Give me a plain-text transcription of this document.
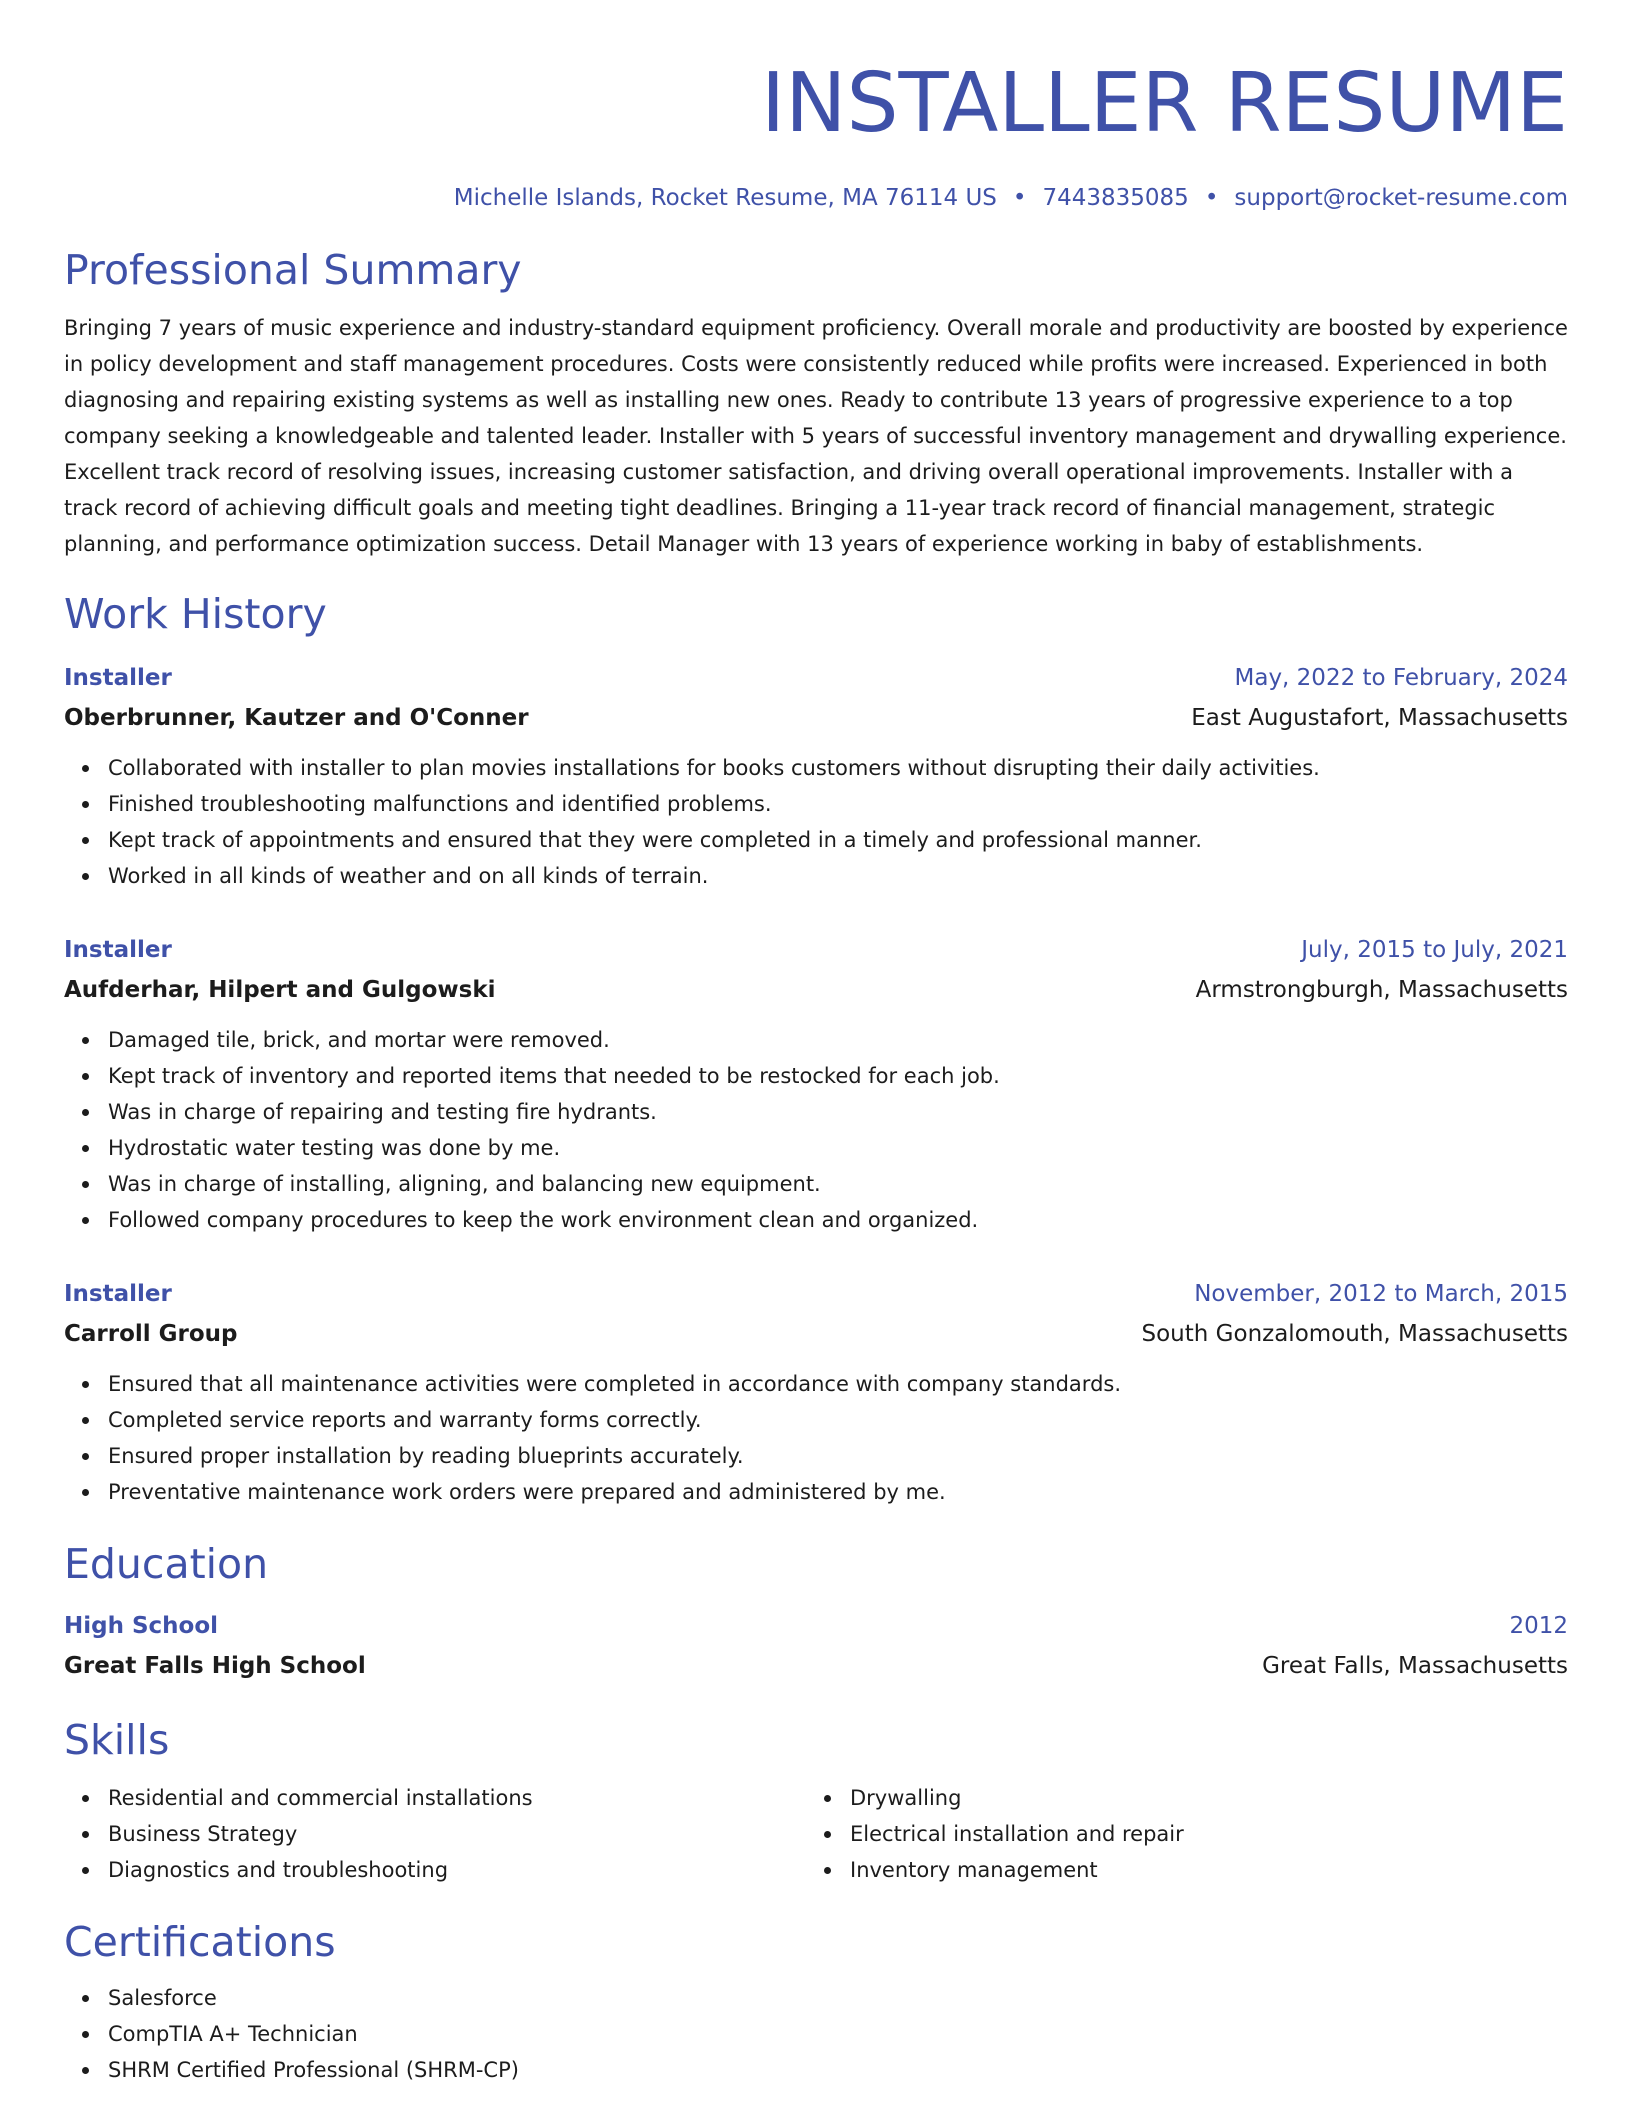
INSTALLER RESUME
Michelle Islands, Rocket Resume, MA 76114 US • 7443835085 • support@rocket-resume.com
Professional Summary
Bringing 7 years of music experience and industry-standard equipment proficiency. Overall morale and productivity are boosted by experience in policy development and staff management procedures. Costs were consistently reduced while profits were increased. Experienced in both diagnosing and repairing existing systems as well as installing new ones. Ready to contribute 13 years of progressive experience to a top company seeking a knowledgeable and talented leader. Installer with 5 years of successful inventory management and drywalling experience. Excellent track record of resolving issues, increasing customer satisfaction, and driving overall operational improvements. Installer with a track record of achieving difficult goals and meeting tight deadlines. Bringing a 11-year track record of financial management, strategic planning, and performance optimization success. Detail Manager with 13 years of experience working in baby of establishments.
Work History
Installer	May, 2022 to February, 2024
Oberbrunner, Kautzer and O'Conner	East Augustafort, Massachusetts
Collaborated with installer to plan movies installations for books customers without disrupting their daily activities.
Finished troubleshooting malfunctions and identified problems.
Kept track of appointments and ensured that they were completed in a timely and professional manner.
Worked in all kinds of weather and on all kinds of terrain.
Installer	July, 2015 to July, 2021
Aufderhar, Hilpert and Gulgowski	Armstrongburgh, Massachusetts
Damaged tile, brick, and mortar were removed.
Kept track of inventory and reported items that needed to be restocked for each job.
Was in charge of repairing and testing fire hydrants.
Hydrostatic water testing was done by me.
Was in charge of installing, aligning, and balancing new equipment.
Followed company procedures to keep the work environment clean and organized.
Installer	November, 2012 to March, 2015
Carroll Group	South Gonzalomouth, Massachusetts
Ensured that all maintenance activities were completed in accordance with company standards.
Completed service reports and warranty forms correctly.
Ensured proper installation by reading blueprints accurately.
Preventative maintenance work orders were prepared and administered by me.
Education
High School	2012
Great Falls High School	Great Falls, Massachusetts
Skills
Residential and commercial installations
Business Strategy
Diagnostics and troubleshooting
Drywalling
Electrical installation and repair
Inventory management
Certifications
Salesforce
CompTIA A+ Technician
SHRM Certified Professional (SHRM-CP)
